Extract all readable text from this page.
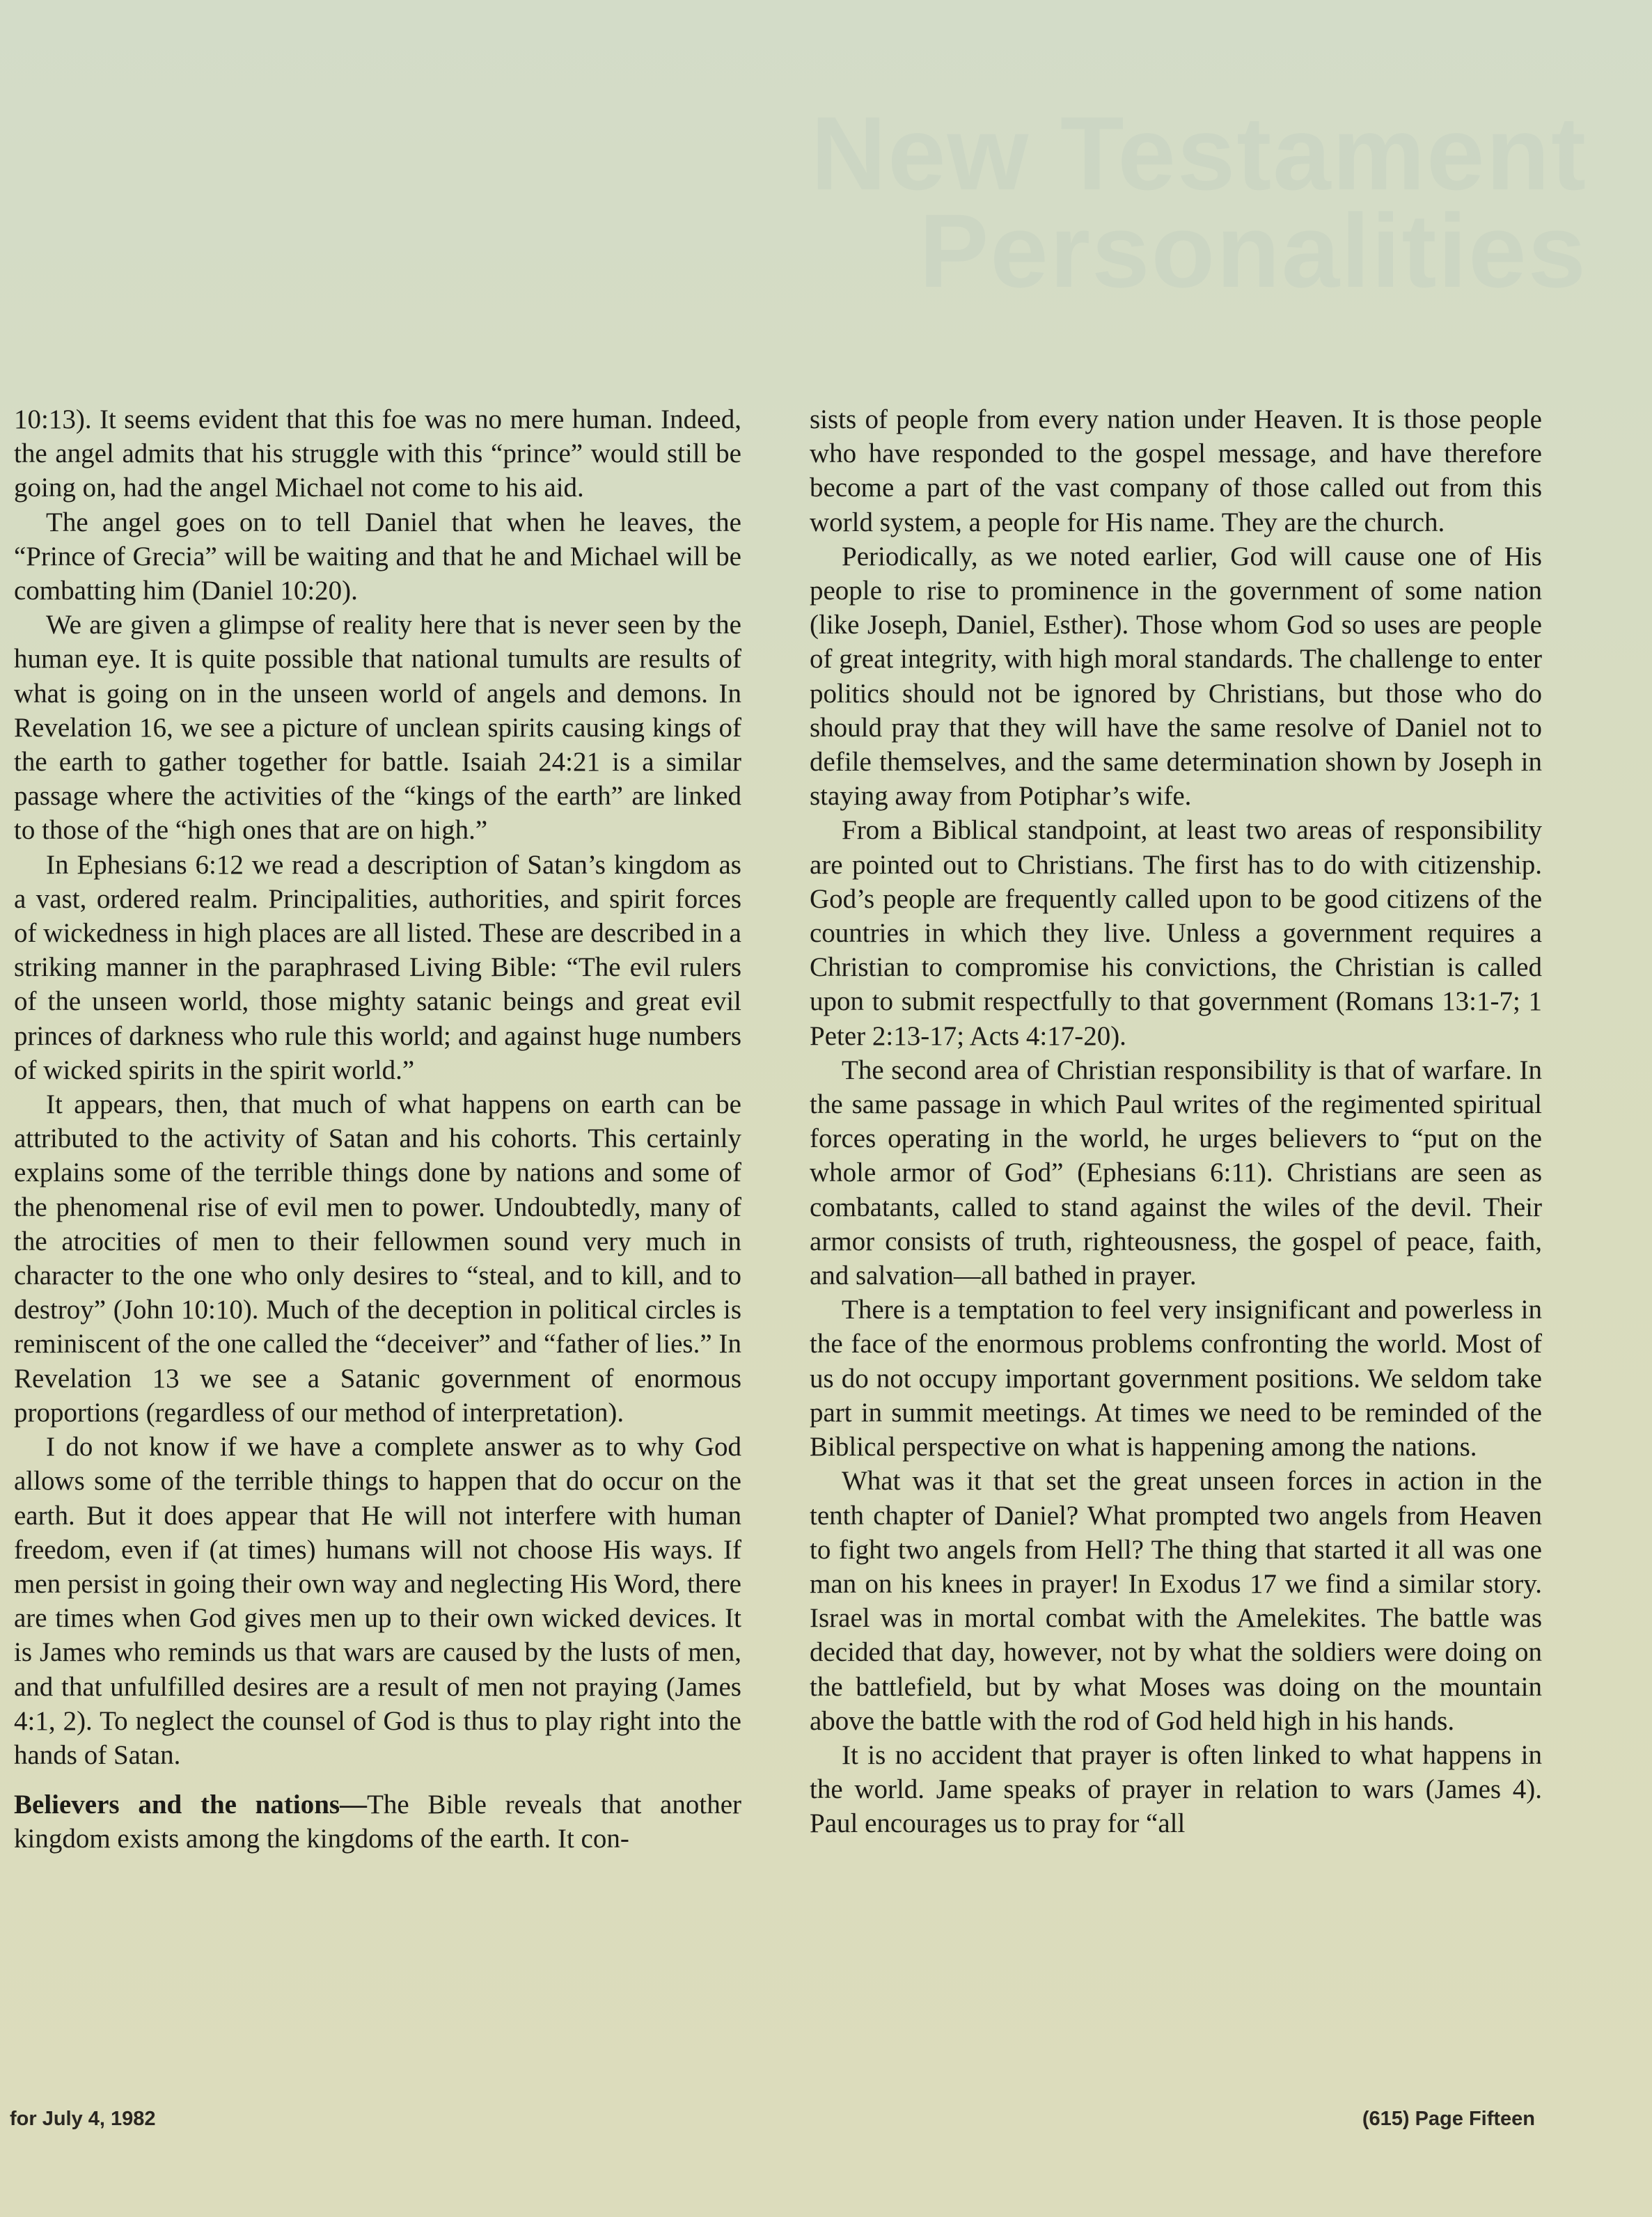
New Testament
Personalities

10:13). It seems evident that this foe was no mere human. Indeed, the angel admits that his struggle with this “prince” would still be going on, had the angel Michael not come to his aid.

The angel goes on to tell Daniel that when he leaves, the “Prince of Grecia” will be waiting and that he and Michael will be combatting him (Daniel 10:20).

We are given a glimpse of reality here that is never seen by the human eye. It is quite possible that national tumults are results of what is going on in the unseen world of angels and demons. In Revelation 16, we see a picture of unclean spirits causing kings of the earth to gather together for battle. Isaiah 24:21 is a similar passage where the activities of the “kings of the earth” are linked to those of the “high ones that are on high.”

In Ephesians 6:12 we read a description of Satan’s kingdom as a vast, ordered realm. Principalities, authorities, and spirit forces of wickedness in high places are all listed. These are described in a striking manner in the paraphrased Living Bible: “The evil rulers of the unseen world, those mighty satanic beings and great evil princes of darkness who rule this world; and against huge numbers of wicked spirits in the spirit world.”

It appears, then, that much of what happens on earth can be attributed to the activity of Satan and his cohorts. This certainly explains some of the terrible things done by nations and some of the phenomenal rise of evil men to power. Undoubtedly, many of the atrocities of men to their fellowmen sound very much in character to the one who only desires to “steal, and to kill, and to destroy” (John 10:10). Much of the deception in political circles is reminiscent of the one called the “deceiver” and “father of lies.” In Revelation 13 we see a Satanic government of enormous proportions (regardless of our method of interpretation).

I do not know if we have a complete answer as to why God allows some of the terrible things to happen that do occur on the earth. But it does appear that He will not interfere with human freedom, even if (at times) humans will not choose His ways. If men persist in going their own way and neglecting His Word, there are times when God gives men up to their own wicked devices. It is James who reminds us that wars are caused by the lusts of men, and that unfulfilled desires are a result of men not praying (James 4:1, 2). To neglect the counsel of God is thus to play right into the hands of Satan.

Believers and the nations—The Bible reveals that another kingdom exists among the kingdoms of the earth. It con-

sists of people from every nation under Heaven. It is those people who have responded to the gospel message, and have therefore become a part of the vast company of those called out from this world system, a people for His name. They are the church.

Periodically, as we noted earlier, God will cause one of His people to rise to prominence in the government of some nation (like Joseph, Daniel, Esther). Those whom God so uses are people of great integrity, with high moral standards. The challenge to enter politics should not be ignored by Christians, but those who do should pray that they will have the same resolve of Daniel not to defile themselves, and the same determination shown by Joseph in staying away from Potiphar’s wife.

From a Biblical standpoint, at least two areas of responsibility are pointed out to Christians. The first has to do with citizenship. God’s people are frequently called upon to be good citizens of the countries in which they live. Unless a government requires a Christian to compromise his convictions, the Christian is called upon to submit respectfully to that government (Romans 13:1-7; 1 Peter 2:13-17; Acts 4:17-20).

The second area of Christian responsibility is that of warfare. In the same passage in which Paul writes of the regimented spiritual forces operating in the world, he urges believers to “put on the whole armor of God” (Ephesians 6:11). Christians are seen as combatants, called to stand against the wiles of the devil. Their armor consists of truth, righteousness, the gospel of peace, faith, and salvation—all bathed in prayer.

There is a temptation to feel very insignificant and powerless in the face of the enormous problems confronting the world. Most of us do not occupy important government positions. We seldom take part in summit meetings. At times we need to be reminded of the Biblical perspective on what is happening among the nations.

What was it that set the great unseen forces in action in the tenth chapter of Daniel? What prompted two angels from Heaven to fight two angels from Hell? The thing that started it all was one man on his knees in prayer! In Exodus 17 we find a similar story. Israel was in mortal combat with the Amelekites. The battle was decided that day, however, not by what the soldiers were doing on the battlefield, but by what Moses was doing on the mountain above the battle with the rod of God held high in his hands.

It is no accident that prayer is often linked to what happens in the world. Jame speaks of prayer in relation to wars (James 4). Paul encourages us to pray for “all

for July 4, 1982	(615) Page Fifteen
